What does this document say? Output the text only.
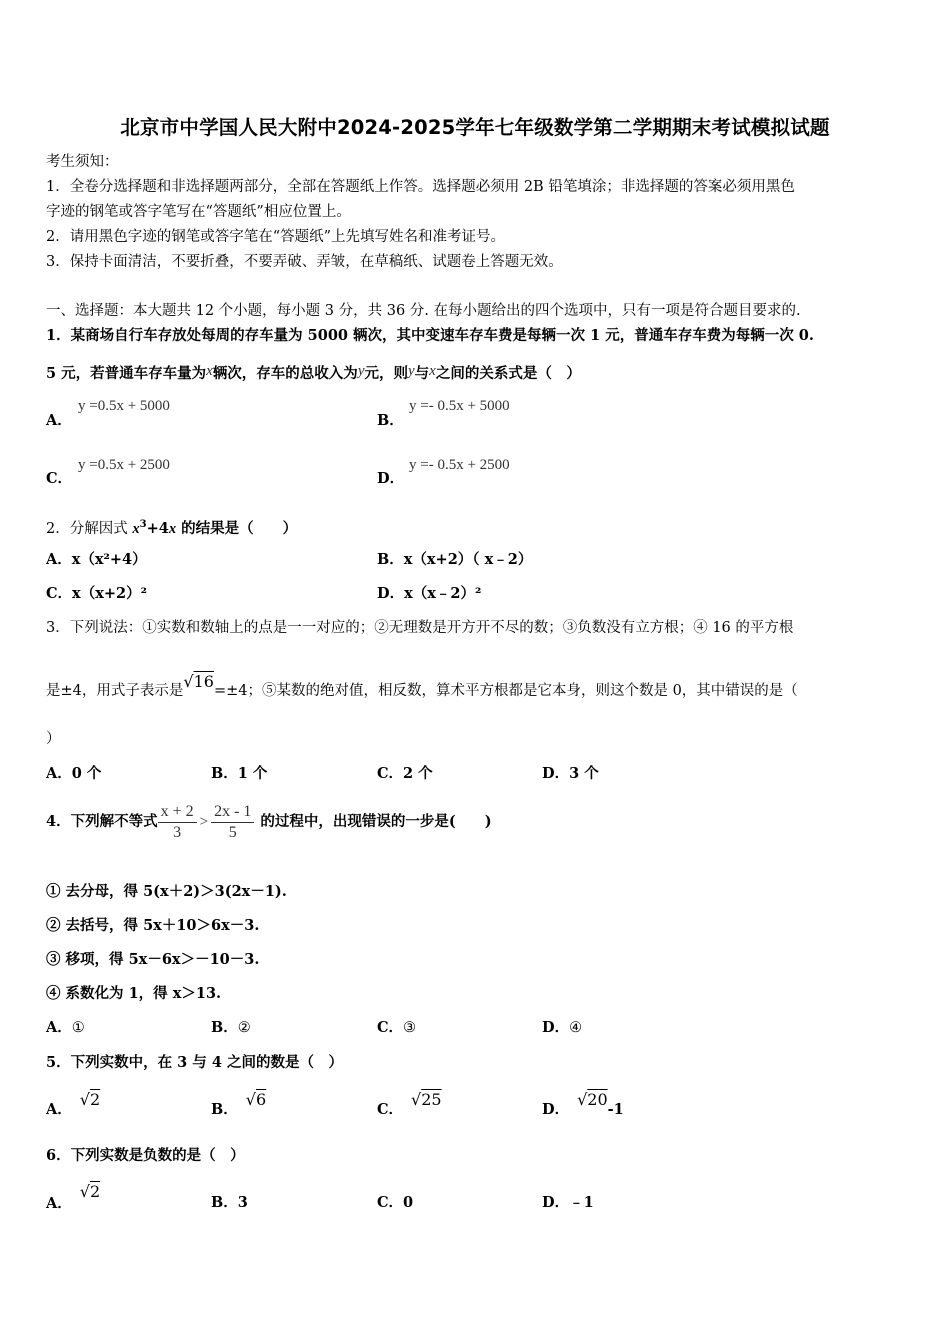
北京市中学国人民大附中2024-2025学年七年级数学第二学期期末考试模拟试题
考生须知：
1．全卷分选择题和非选择题两部分，全部在答题纸上作答。选择题必须用 2B 铅笔填涂；非选择题的答案必须用黑色
字迹的钢笔或答字笔写在“答题纸”相应位置上。
2．请用黑色字迹的钢笔或答字笔在“答题纸”上先填写姓名和准考证号。
3．保持卡面清洁，不要折叠，不要弄破、弄皱，在草稿纸、试题卷上答题无效。
一、选择题：本大题共 12 个小题，每小题 3 分，共 36 分. 在每小题给出的四个选项中，只有一项是符合题目要求的.
1．某商场自行车存放处每周的存车量为 5000 辆次，其中变速车存车费是每辆一次 1 元，普通车存车费为每辆一次 0.
5 元，若普通车存车量为x辆次，存车的总收入为y元，则y与x之间的关系式是（　）
A．
y =0.5x + 5000
B．
y =- 0.5x + 5000
C．
y =0.5x + 2500
D．
y =- 0.5x + 2500
2．分解因式 $x^3+4x$ 的结果是（　　）
A．x（x²+4）	B．x（x+2）（ x﹣2）
C．x（x+2）²	D．x（x﹣2）²
3．下列说法：①实数和数轴上的点是一一对应的；②无理数是开方开不尽的数；③负数没有立方根；④ 16 的平方根
是±4，用式子表示是√16=±4；⑤某数的绝对值，相反数，算术平方根都是它本身，则这个数是 0，其中错误的是（
）
A．0 个	B．1 个	C．2 个	D．3 个
4．下列解不等式 $\frac{x + 2}{3} > \frac{2x - 1}{5}$ 的过程中，出现错误的一步是(　　)
① 去分母，得 5(x＋2)＞3(2x－1).
② 去括号，得 5x＋10＞6x－3.
③ 移项，得 5x－6x＞－10－3.
④ 系数化为 1，得 x＞13.
A．①	B．②	C．③	D．④
5．下列实数中，在 3 与 4 之间的数是（　）
A．√2
B．√6
C．√25
D．√20-1
6．下列实数是负数的是（　）
A．√2
B．3	C．0	D．﹣1
